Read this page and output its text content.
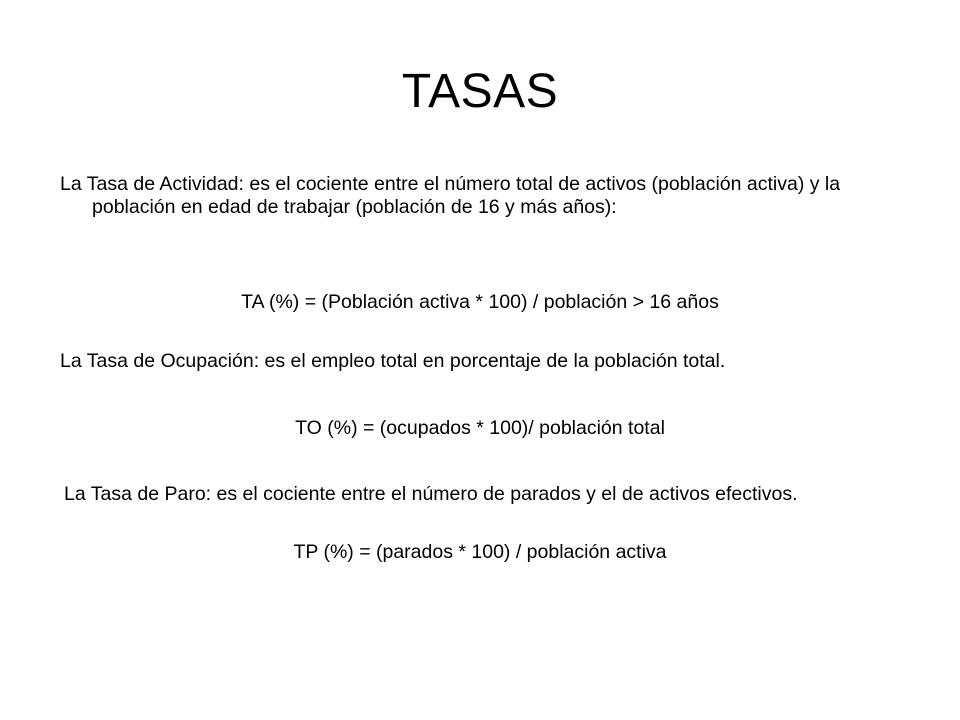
TASAS

La Tasa de Actividad: es el cociente entre el número total de activos (población activa) y la población en edad de trabajar (población de 16 y más años):

TA (%) = (Población activa * 100) / población > 16 años

La Tasa de Ocupación: es el empleo total en porcentaje de la población total.

TO (%) = (ocupados * 100)/ población total

La Tasa de Paro: es el cociente entre el número de parados y el de activos efectivos.

TP (%) = (parados * 100) / población activa
